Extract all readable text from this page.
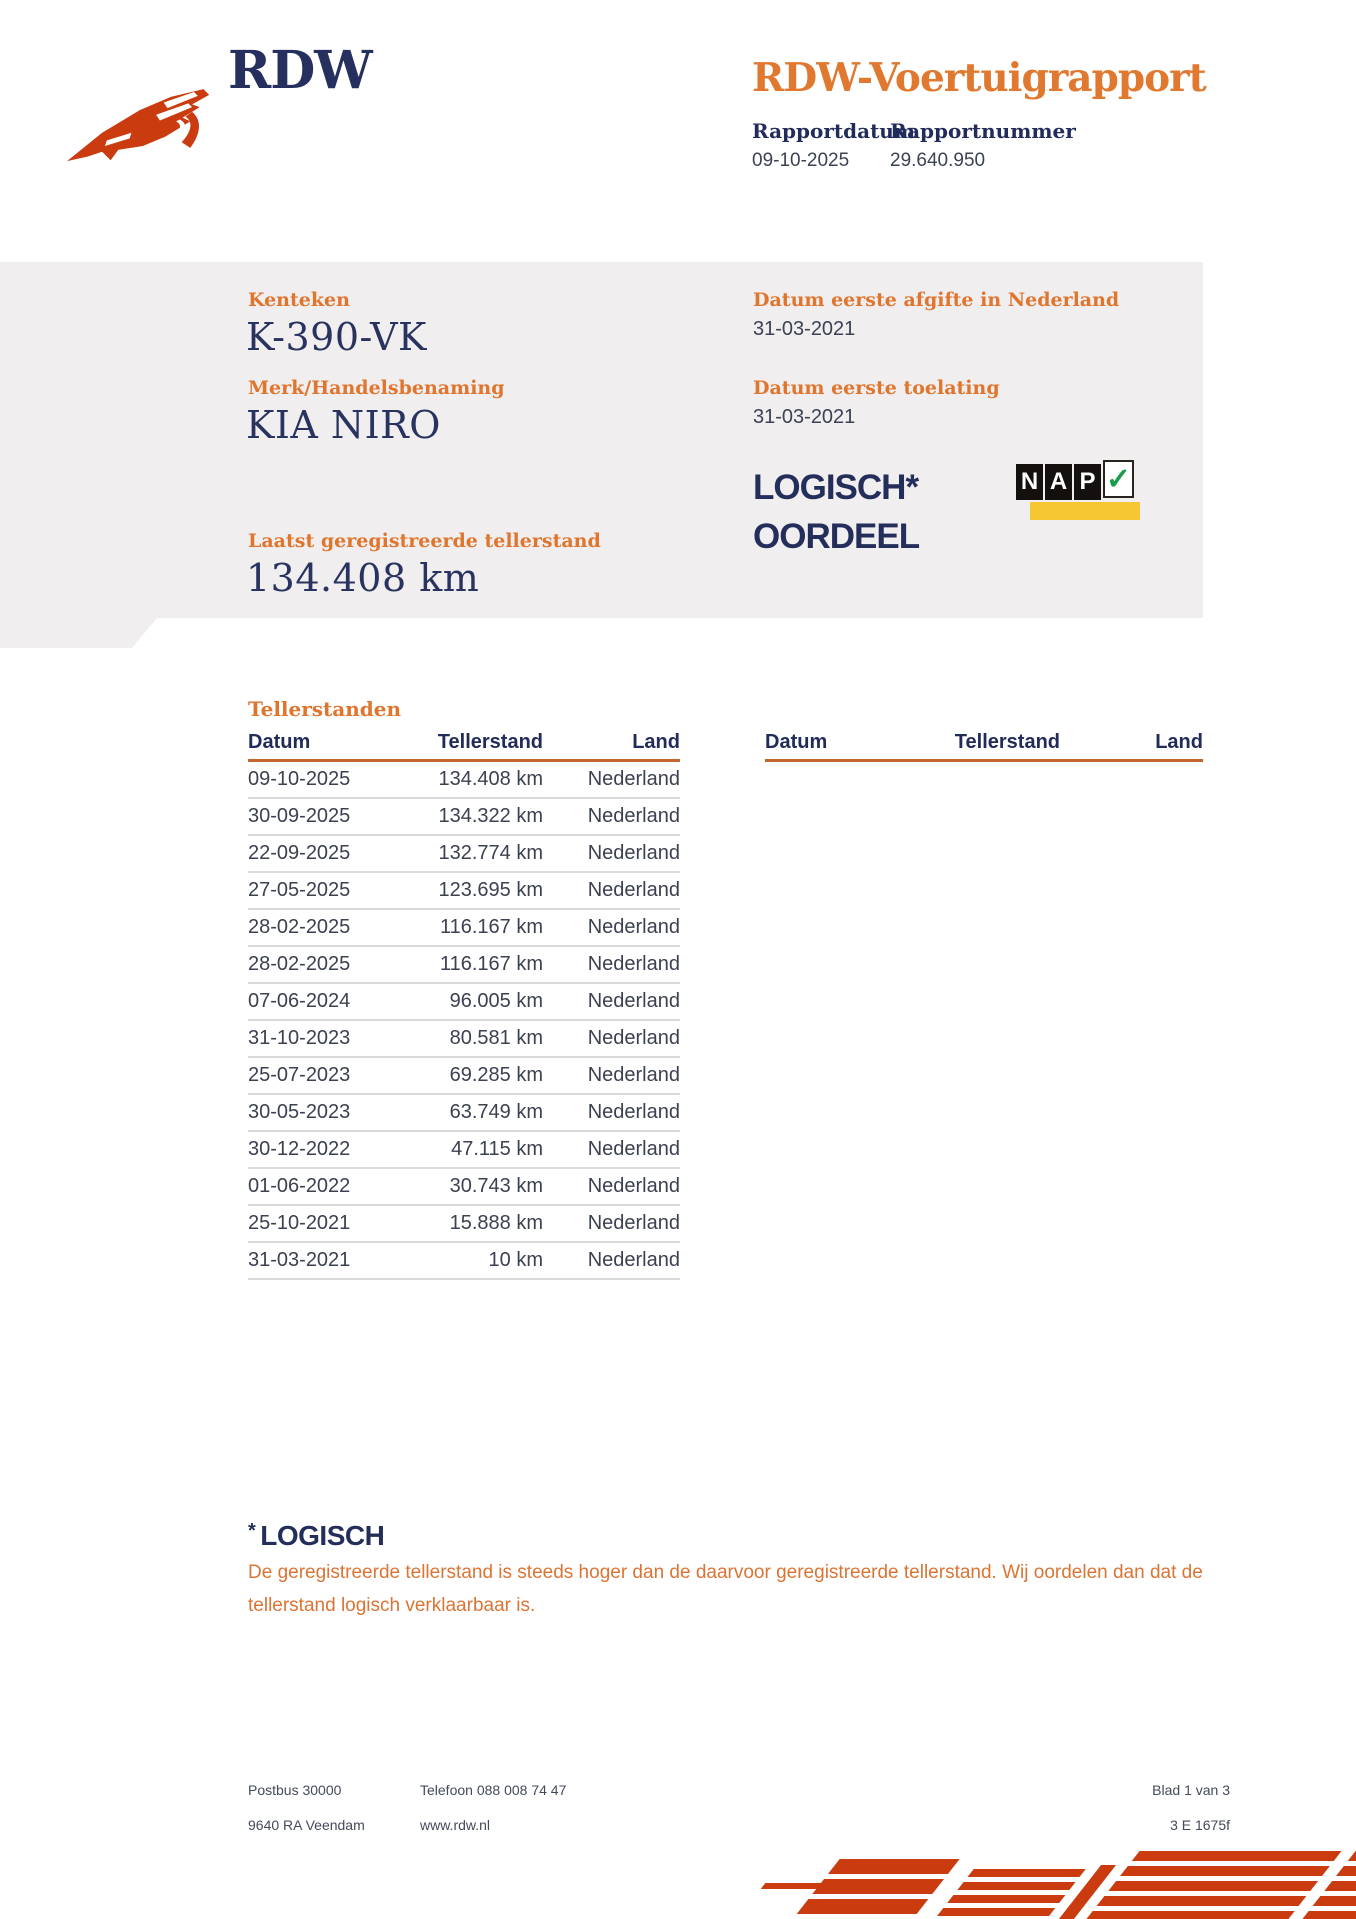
RDW	RDW-Voertuigrapport
Rapportdatum
Rapportnummer
09-10-2025 29.640.950
Kenteken
K-390-VK
Merk/Handelsbenaming
KIA NIRO
Laatst geregistreerde tellerstand
134.408 km
Datum eerste afgifte in Nederland
31-03-2021
Datum eerste toelating
31-03-2021
LOGISCH*
OORDEEL
N A P ✓
Tellerstanden
Datum	Tellerstand	Land
09-10-2025	134.408 km	Nederland
30-09-2025	134.322 km	Nederland
22-09-2025	132.774 km	Nederland
27-05-2025	123.695 km	Nederland
28-02-2025	116.167 km	Nederland
28-02-2025	116.167 km	Nederland
07-06-2024	96.005 km	Nederland
31-10-2023	80.581 km	Nederland
25-07-2023	69.285 km	Nederland
30-05-2023	63.749 km	Nederland
30-12-2022	47.115 km	Nederland
01-06-2022	30.743 km	Nederland
25-10-2021	15.888 km	Nederland
31-03-2021	10 km	Nederland
Datum	Tellerstand	Land
* LOGISCH

De geregistreerde tellerstand is steeds hoger dan de daarvoor geregistreerde tellerstand. Wij oordelen dan dat de tellerstand logisch verklaarbaar is.

Postbus 30000
9640 RA Veendam
Telefoon 088 008 74 47
www.rdw.nl
Blad 1 van 3
3 E 1675f
